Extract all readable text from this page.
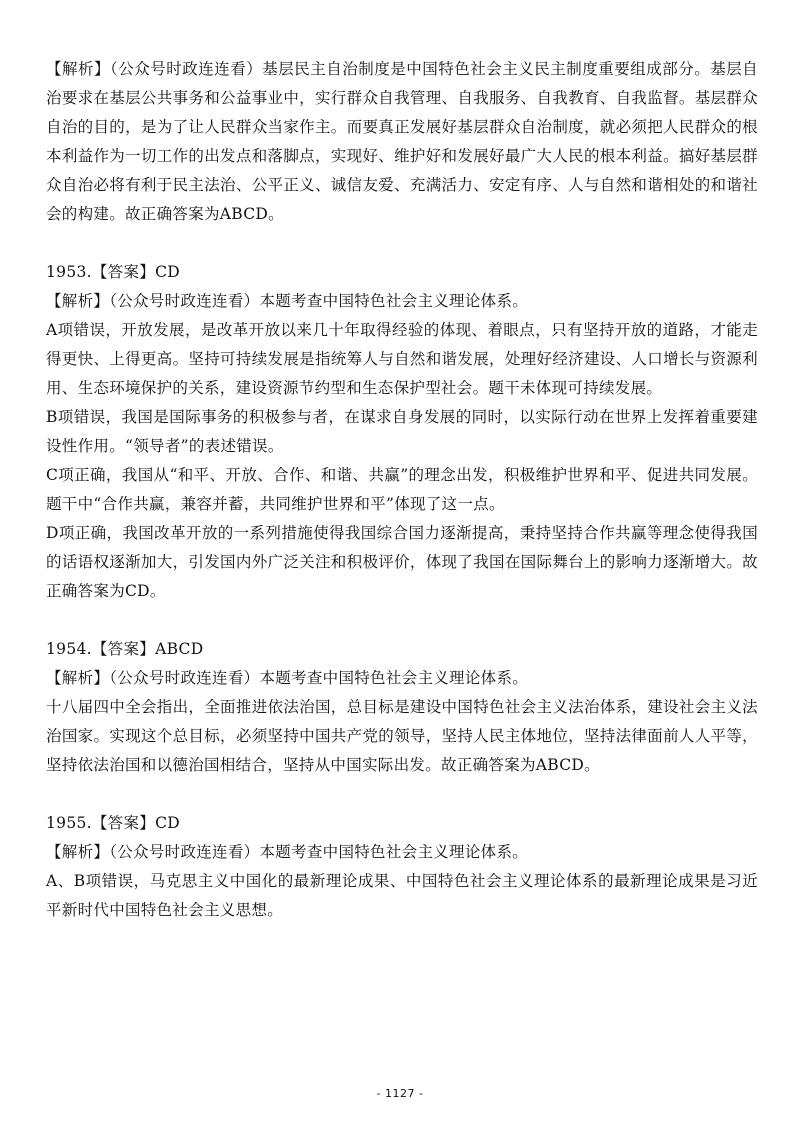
【解析】（公众号时政连连看）基层民主自治制度是中国特色社会主义民主制度重要组成部分。基层自治要求在基层公共事务和公益事业中，实行群众自我管理、自我服务、自我教育、自我监督。基层群众自治的目的，是为了让人民群众当家作主。而要真正发展好基层群众自治制度，就必须把人民群众的根本利益作为一切工作的出发点和落脚点，实现好、维护好和发展好最广大人民的根本利益。搞好基层群众自治必将有利于民主法治、公平正义、诚信友爱、充满活力、安定有序、人与自然和谐相处的和谐社会的构建。故正确答案为ABCD。

1953.【答案】CD

【解析】（公众号时政连连看）本题考查中国特色社会主义理论体系。

A项错误，开放发展，是改革开放以来几十年取得经验的体现、着眼点，只有坚持开放的道路，才能走得更快、上得更高。坚持可持续发展是指统筹人与自然和谐发展，处理好经济建设、人口增长与资源利用、生态环境保护的关系，建设资源节约型和生态保护型社会。题干未体现可持续发展。

B项错误，我国是国际事务的积极参与者，在谋求自身发展的同时，以实际行动在世界上发挥着重要建设性作用。“领导者”的表述错误。

C项正确，我国从“和平、开放、合作、和谐、共赢”的理念出发，积极维护世界和平、促进共同发展。题干中“合作共赢，兼容并蓄，共同维护世界和平”体现了这一点。

D项正确，我国改革开放的一系列措施使得我国综合国力逐渐提高，秉持坚持合作共赢等理念使得我国的话语权逐渐加大，引发国内外广泛关注和积极评价，体现了我国在国际舞台上的影响力逐渐增大。故正确答案为CD。

1954.【答案】ABCD

【解析】（公众号时政连连看）本题考查中国特色社会主义理论体系。

十八届四中全会指出，全面推进依法治国，总目标是建设中国特色社会主义法治体系，建设社会主义法治国家。实现这个总目标，必须坚持中国共产党的领导，坚持人民主体地位，坚持法律面前人人平等，坚持依法治国和以德治国相结合，坚持从中国实际出发。故正确答案为ABCD。

1955.【答案】CD

【解析】（公众号时政连连看）本题考查中国特色社会主义理论体系。

A、B项错误，马克思主义中国化的最新理论成果、中国特色社会主义理论体系的最新理论成果是习近平新时代中国特色社会主义思想。

- 1127 -
